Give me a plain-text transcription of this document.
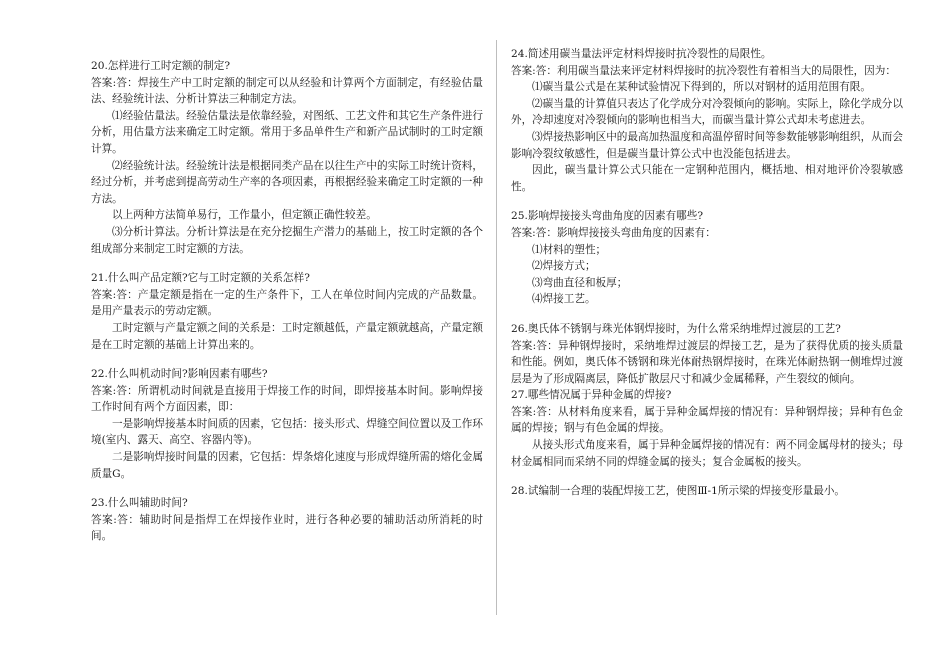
20.怎样进行工时定额的制定?

答案:答：焊接生产中工时定额的制定可以从经验和计算两个方面制定，有经验估量法、经验统计法、分析计算法三种制定方法。

⑴经验估量法。经验估量法是依靠经验，对图纸、工艺文件和其它生产条件进行分析，用估量方法来确定工时定额。常用于多品单件生产和新产品试制时的工时定额计算。

⑵经验统计法。经验统计法是根据同类产品在以往生产中的实际工时统计资料，经过分析，并考虑到提高劳动生产率的各项因素，再根据经验来确定工时定额的一种方法。

以上两种方法简单易行，工作量小，但定额正确性较差。

⑶分析计算法。分析计算法是在充分挖掘生产潜力的基础上，按工时定额的各个组成部分来制定工时定额的方法。

21.什么叫产品定额?它与工时定额的关系怎样?

答案:答：产量定额是指在一定的生产条件下，工人在单位时间内完成的产品数量。是用产量表示的劳动定额。

工时定额与产量定额之间的关系是：工时定额越低，产量定额就越高，产量定额是在工时定额的基础上计算出来的。

22.什么叫机动时间?影响因素有哪些?

答案:答：所谓机动时间就是直接用于焊接工作的时间，即焊接基本时间。影响焊接工作时间有两个方面因素，即：

一是影响焊接基本时间质的因素，它包括：接头形式、焊缝空间位置以及工作环境(室内、露天、高空、容器内等)。

二是影响焊接时间量的因素，它包括：焊条熔化速度与形成焊缝所需的熔化金属质量G。

23.什么叫辅助时间?

答案:答：辅助时间是指焊工在焊接作业时，进行各种必要的辅助活动所消耗的时间。

24.简述用碳当量法评定材料焊接时抗冷裂性的局限性。

答案:答：利用碳当量法来评定材料焊接时的抗冷裂性有着相当大的局限性，因为：

⑴碳当量公式是在某种试验情况下得到的，所以对钢材的适用范围有限。

⑵碳当量的计算值只表达了化学成分对冷裂倾向的影响。实际上，除化学成分以外，冷却速度对冷裂倾向的影响也相当大，而碳当量计算公式却未考虑进去。

⑶焊接热影响区中的最高加热温度和高温停留时间等参数能够影响组织，从而会影响冷裂纹敏感性，但是碳当量计算公式中也没能包括进去。

因此，碳当量计算公式只能在一定钢种范围内，概括地、相对地评价冷裂敏感性。

25.影响焊接接头弯曲角度的因素有哪些?

答案:答：影响焊接接头弯曲角度的因素有：

⑴材料的塑性；

⑵焊接方式；

⑶弯曲直径和板厚；

⑷焊接工艺。

26.奥氏体不锈钢与珠光体钢焊接时，为什么常采纳堆焊过渡层的工艺?

答案:答：异种钢焊接时，采纳堆焊过渡层的焊接工艺，是为了获得优质的接头质量和性能。例如，奥氏体不锈钢和珠光体耐热钢焊接时，在珠光体耐热钢一侧堆焊过渡层是为了形成隔离层，降低扩散层尺寸和减少金属稀释，产生裂纹的倾向。

27.哪些情况属于异种金属的焊接?

答案:答：从材料角度来看，属于异种金属焊接的情况有：异种钢焊接；异种有色金属的焊接；钢与有色金属的焊接。

从接头形式角度来看，属于异种金属焊接的情况有：两不同金属母材的接头；母材金属相同而采纳不同的焊缝金属的接头；复合金属板的接头。

28.试编制一合理的装配焊接工艺，使图Ⅲ-1所示梁的焊接变形量最小。
